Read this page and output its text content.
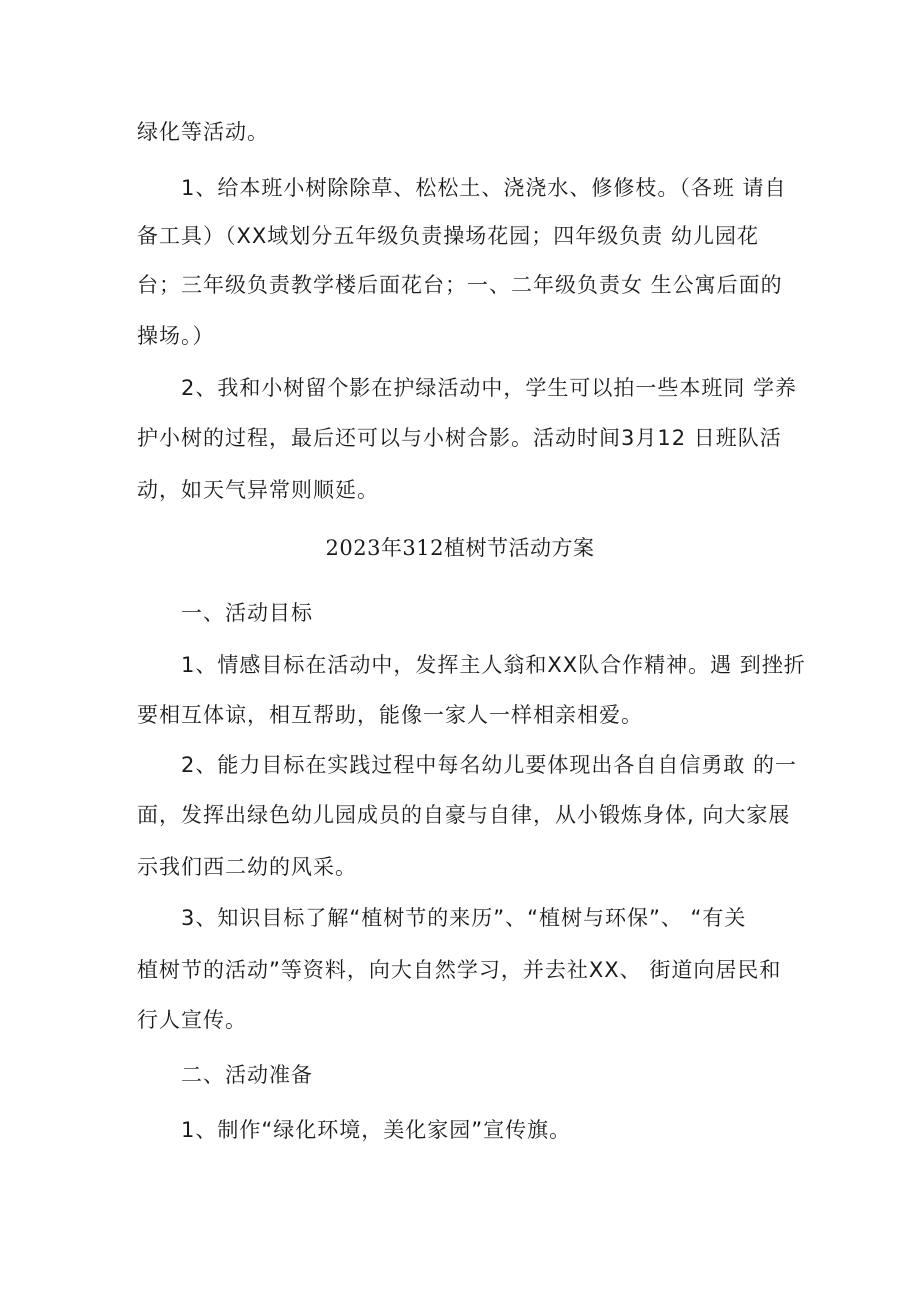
绿化等活动。
1、给本班小树除除草、松松土、浇浇水、修修枝。（各班 请自
备工具）（XX域划分五年级负责操场花园；四年级负责 幼儿园花
台；三年级负责教学楼后面花台；一、二年级负责女 生公寓后面的
操场。）
2、我和小树留个影在护绿活动中，学生可以拍一些本班同 学养
护小树的过程，最后还可以与小树合影。活动时间3月12 日班队活
动，如天气异常则顺延。
2023年312植树节活动方案
一、活动目标
1、情感目标在活动中，发挥主人翁和XX队合作精神。遇 到挫折
要相互体谅，相互帮助，能像一家人一样相亲相爱。
2、能力目标在实践过程中每名幼儿要体现出各自自信勇敢 的一
面，发挥出绿色幼儿园成员的自豪与自律，从小锻炼身体, 向大家展
示我们西二幼的风采。
3、知识目标了解“植树节的来历”、“植树与环保”、 “有关
植树节的活动”等资料，向大自然学习，并去社XX、 街道向居民和
行人宣传。
二、活动准备
1、制作“绿化环境，美化家园”宣传旗。
